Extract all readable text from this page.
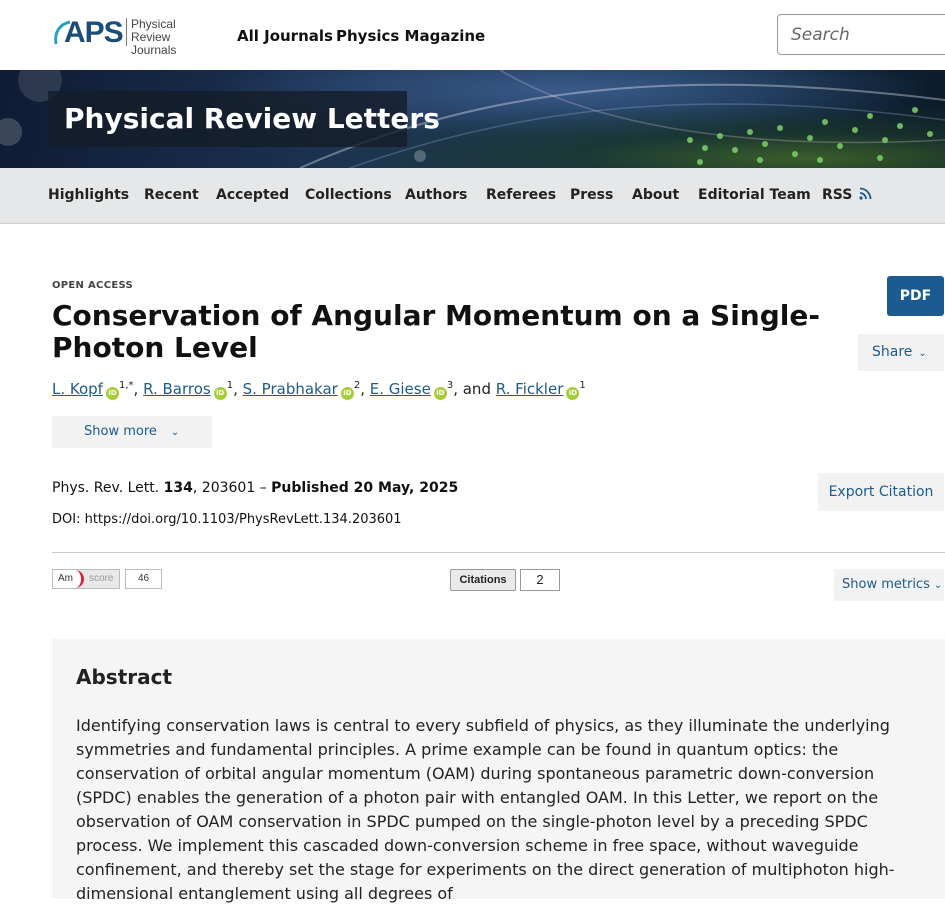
APS Physical Review
Journals
All Journals Physics Magazine	Search
Physical Review Letters
Highlights Recent Accepted Collections Authors Referees Press About Editorial Team RSS
OPEN ACCESS
Conservation of Angular Momentum on a Single-Photon Level
PDF
Share ⌄
L. Kopf $iD^{1,*}$, R. Barros $iD^1$, S. Prabhakar $iD^2$, E. Giese $iD^3$, and R. Fickler $iD^1$
Show more ⌄
Phys. Rev. Lett. 134, 203601 – Published 20 May, 2025
DOI: https://doi.org/10.1103/PhysRevLett.134.203601
Export Citation
Am	score	46	Citations	2	Show metrics ⌄
Abstract
Identifying conservation laws is central to every subfield of physics, as they illuminate the underlying symmetries and fundamental principles. A prime example can be found in quantum optics: the conservation of orbital angular momentum (OAM) during spontaneous parametric down-conversion (SPDC) enables the generation of a photon pair with entangled OAM. In this Letter, we report on the observation of OAM conservation in SPDC pumped on the single-photon level by a preceding SPDC process. We implement this cascaded down-conversion scheme in free space, without waveguide confinement, and thereby set the stage for experiments on the direct generation of multiphoton high-dimensional entanglement using all degrees of
